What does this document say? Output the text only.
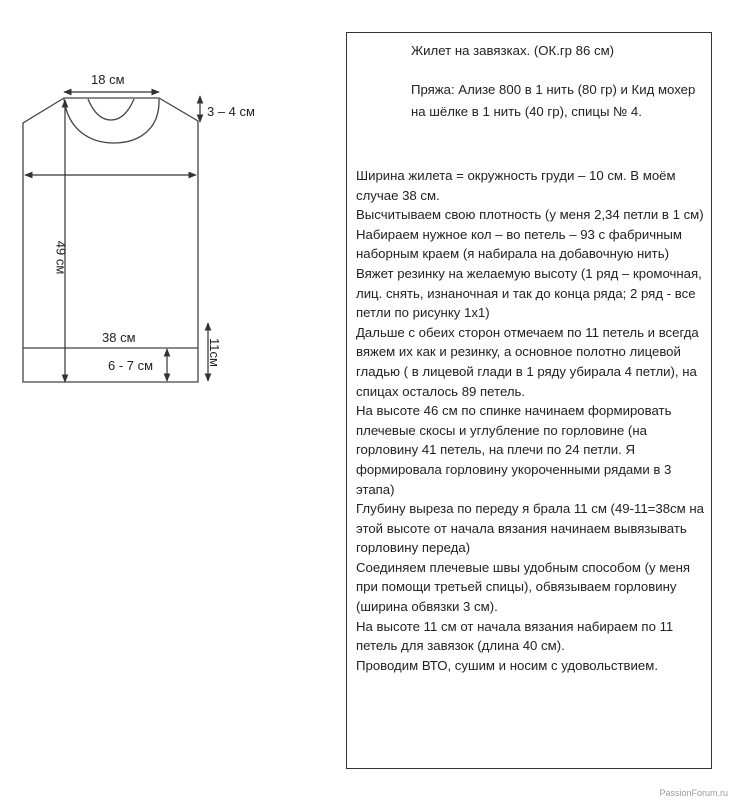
18 см
3 – 4 см
49 см
38 см
6 - 7 см	11см
Жилет на завязках. (ОК.гр 86 см)
Пряжа: Ализе 800 в 1 нить (80 гр) и Кид мохер на шёлке в 1 нить (40 гр), спицы № 4.

Ширина жилета = окружность груди – 10 см. В моём случае 38 см.

Высчитываем свою плотность (у меня 2,34 петли в 1 см) Набираем нужное кол – во петель – 93 с фабричным наборным краем (я набирала на добавочную нить) Вяжет резинку на желаемую высоту (1 ряд – кромочная, лиц. снять, изнаночная и так до конца ряда; 2 ряд - все петли по рисунку 1х1)

Дальше с обеих сторон отмечаем по 11 петель и всегда вяжем их как и резинку, а основное полотно лицевой гладью ( в лицевой глади в 1 ряду убирала 4 петли), на спицах осталось 89 петель.

На высоте 46 см по спинке начинаем формировать плечевые скосы и углубление по горловине (на горловину 41 петель, на плечи по 24 петли. Я формировала горловину укороченными рядами в 3 этапа)

Глубину выреза по переду я брала 11 см (49-11=38см на этой высоте от начала вязания начинаем вывязывать горловину переда)

Соединяем плечевые швы удобным способом (у меня при помощи третьей спицы), обвязываем горловину (ширина обвязки 3 см).

На высоте 11 см от начала вязания набираем по 11 петель для завязок (длина 40 см).

Проводим ВТО, сушим и носим с удовольствием.

PassionForum.ru
